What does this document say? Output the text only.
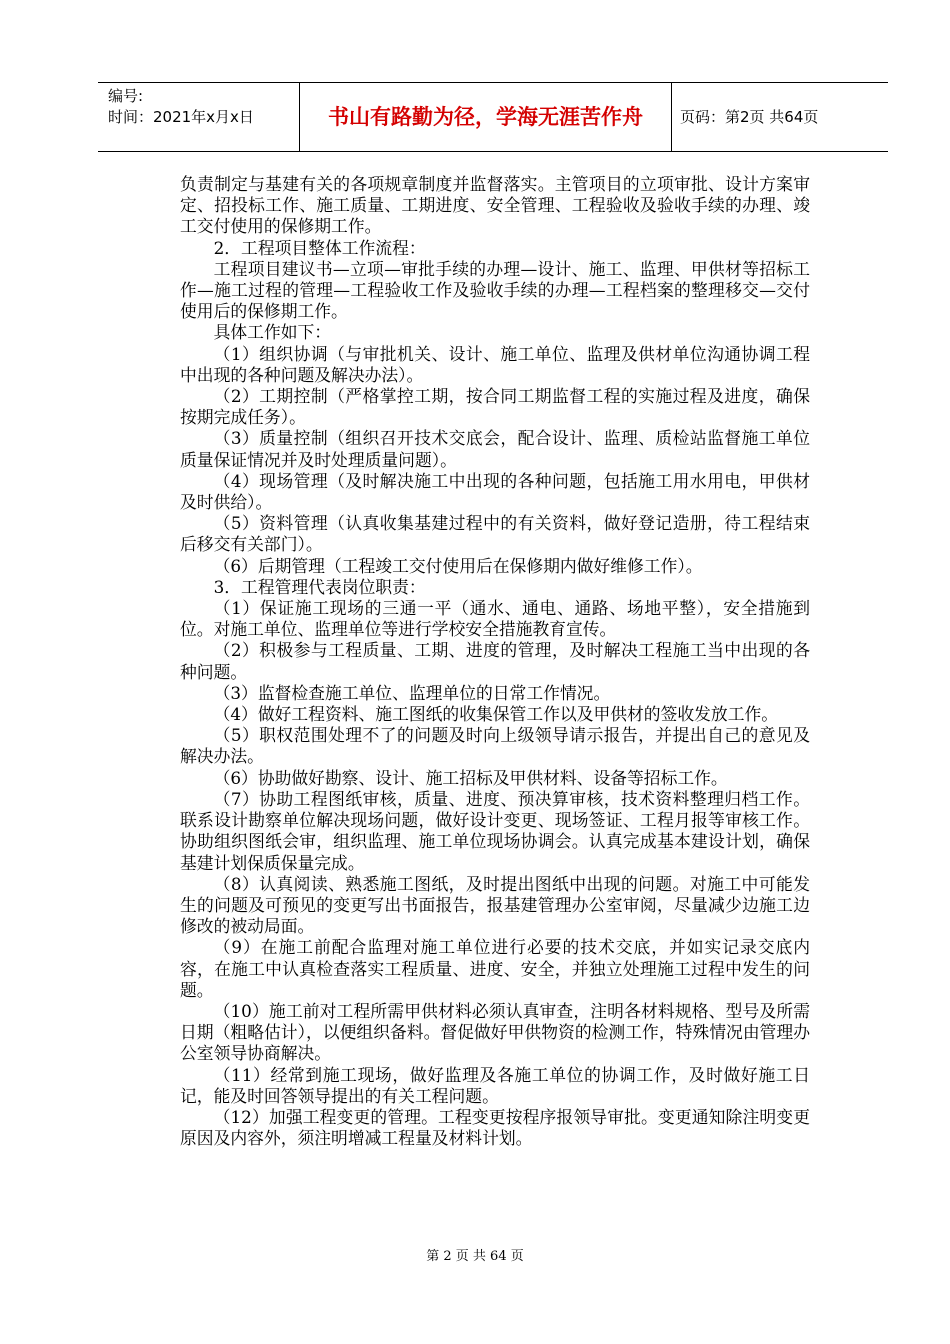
编号:
时间：2021年x月x日	书山有路勤为径，学海无涯苦作舟	页码：第2页 共64页

负责制定与基建有关的各项规章制度并监督落实。主管项目的立项审批、设计方案审定、招投标工作、施工质量、工期进度、安全管理、工程验收及验收手续的办理、竣工交付使用的保修期工作。

2．工程项目整体工作流程：

工程项目建议书—立项—审批手续的办理—设计、施工、监理、甲供材等招标工作—施工过程的管理—工程验收工作及验收手续的办理—工程档案的整理移交—交付使用后的保修期工作。

具体工作如下：

（1）组织协调（与审批机关、设计、施工单位、监理及供材单位沟通协调工程中出现的各种问题及解决办法）。

（2）工期控制（严格掌控工期，按合同工期监督工程的实施过程及进度，确保按期完成任务）。

（3）质量控制（组织召开技术交底会，配合设计、监理、质检站监督施工单位质量保证情况并及时处理质量问题）。

（4）现场管理（及时解决施工中出现的各种问题，包括施工用水用电，甲供材及时供给）。

（5）资料管理（认真收集基建过程中的有关资料，做好登记造册，待工程结束后移交有关部门）。

（6）后期管理（工程竣工交付使用后在保修期内做好维修工作）。

3．工程管理代表岗位职责：

（1）保证施工现场的三通一平（通水、通电、通路、场地平整），安全措施到位。对施工单位、监理单位等进行学校安全措施教育宣传。

（2）积极参与工程质量、工期、进度的管理，及时解决工程施工当中出现的各种问题。

（3）监督检查施工单位、监理单位的日常工作情况。

（4）做好工程资料、施工图纸的收集保管工作以及甲供材的签收发放工作。

（5）职权范围处理不了的问题及时向上级领导请示报告，并提出自己的意见及解决办法。

（6）协助做好勘察、设计、施工招标及甲供材料、设备等招标工作。

（7）协助工程图纸审核，质量、进度、预决算审核，技术资料整理归档工作。联系设计勘察单位解决现场问题，做好设计变更、现场签证、工程月报等审核工作。协助组织图纸会审，组织监理、施工单位现场协调会。认真完成基本建设计划，确保基建计划保质保量完成。

（8）认真阅读、熟悉施工图纸，及时提出图纸中出现的问题。对施工中可能发生的问题及可预见的变更写出书面报告，报基建管理办公室审阅，尽量减少边施工边修改的被动局面。

（9）在施工前配合监理对施工单位进行必要的技术交底，并如实记录交底内容，在施工中认真检查落实工程质量、进度、安全，并独立处理施工过程中发生的问题。

（10）施工前对工程所需甲供材料必须认真审查，注明各材料规格、型号及所需日期（粗略估计），以便组织备料。督促做好甲供物资的检测工作，特殊情况由管理办公室领导协商解决。

（11）经常到施工现场，做好监理及各施工单位的协调工作，及时做好施工日记，能及时回答领导提出的有关工程问题。

（12）加强工程变更的管理。工程变更按程序报领导审批。变更通知除注明变更原因及内容外，须注明增减工程量及材料计划。

第 2 页 共 64 页
